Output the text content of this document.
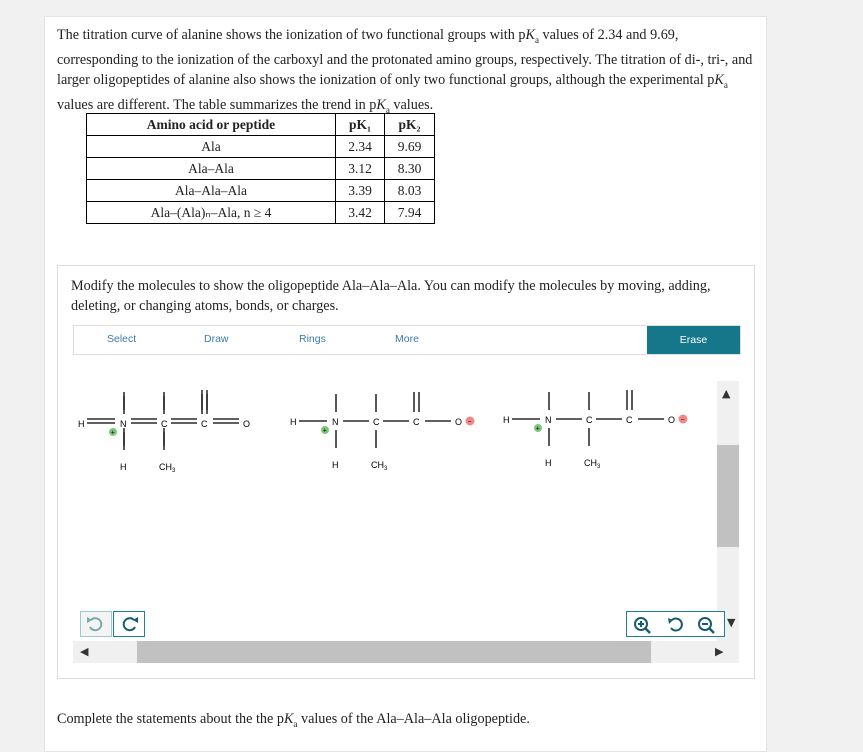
The titration curve of alanine shows the ionization of two functional groups with $pK_a$ values of 2.34 and 9.69, corresponding to the ionization of the carboxyl and the protonated amino groups, respectively. The titration of di-, tri-, and larger oligopeptides of alanine also shows the ionization of only two functional groups, although the experimental $pK_a$ values are different. The table summarizes the trend in $pK_a$ values.
Amino acid or peptide	pK₁	pK₂
Ala	2.34	9.69
Ala–Ala	3.12	8.30
Ala–Ala–Ala	3.39	8.03
Ala–(Ala)ₙ–Ala, n ≥ 4	3.42	7.94
Modify the molecules to show the oligopeptide Ala–Ala–Ala. You can modify the molecules by moving, adding, deleting, or changing atoms, bonds, or charges.
Select	Draw	Rings	More	Erase
H	N	C	C	O
H	$CH_3$
+
H	N	C	C	O
H	$CH_3$
+
−	H	N	C	C	O
H	$CH_3$
+
−
▲
▼
◀	▶
Complete the statements about the the $pK_a$ values of the Ala–Ala–Ala oligopeptide.
